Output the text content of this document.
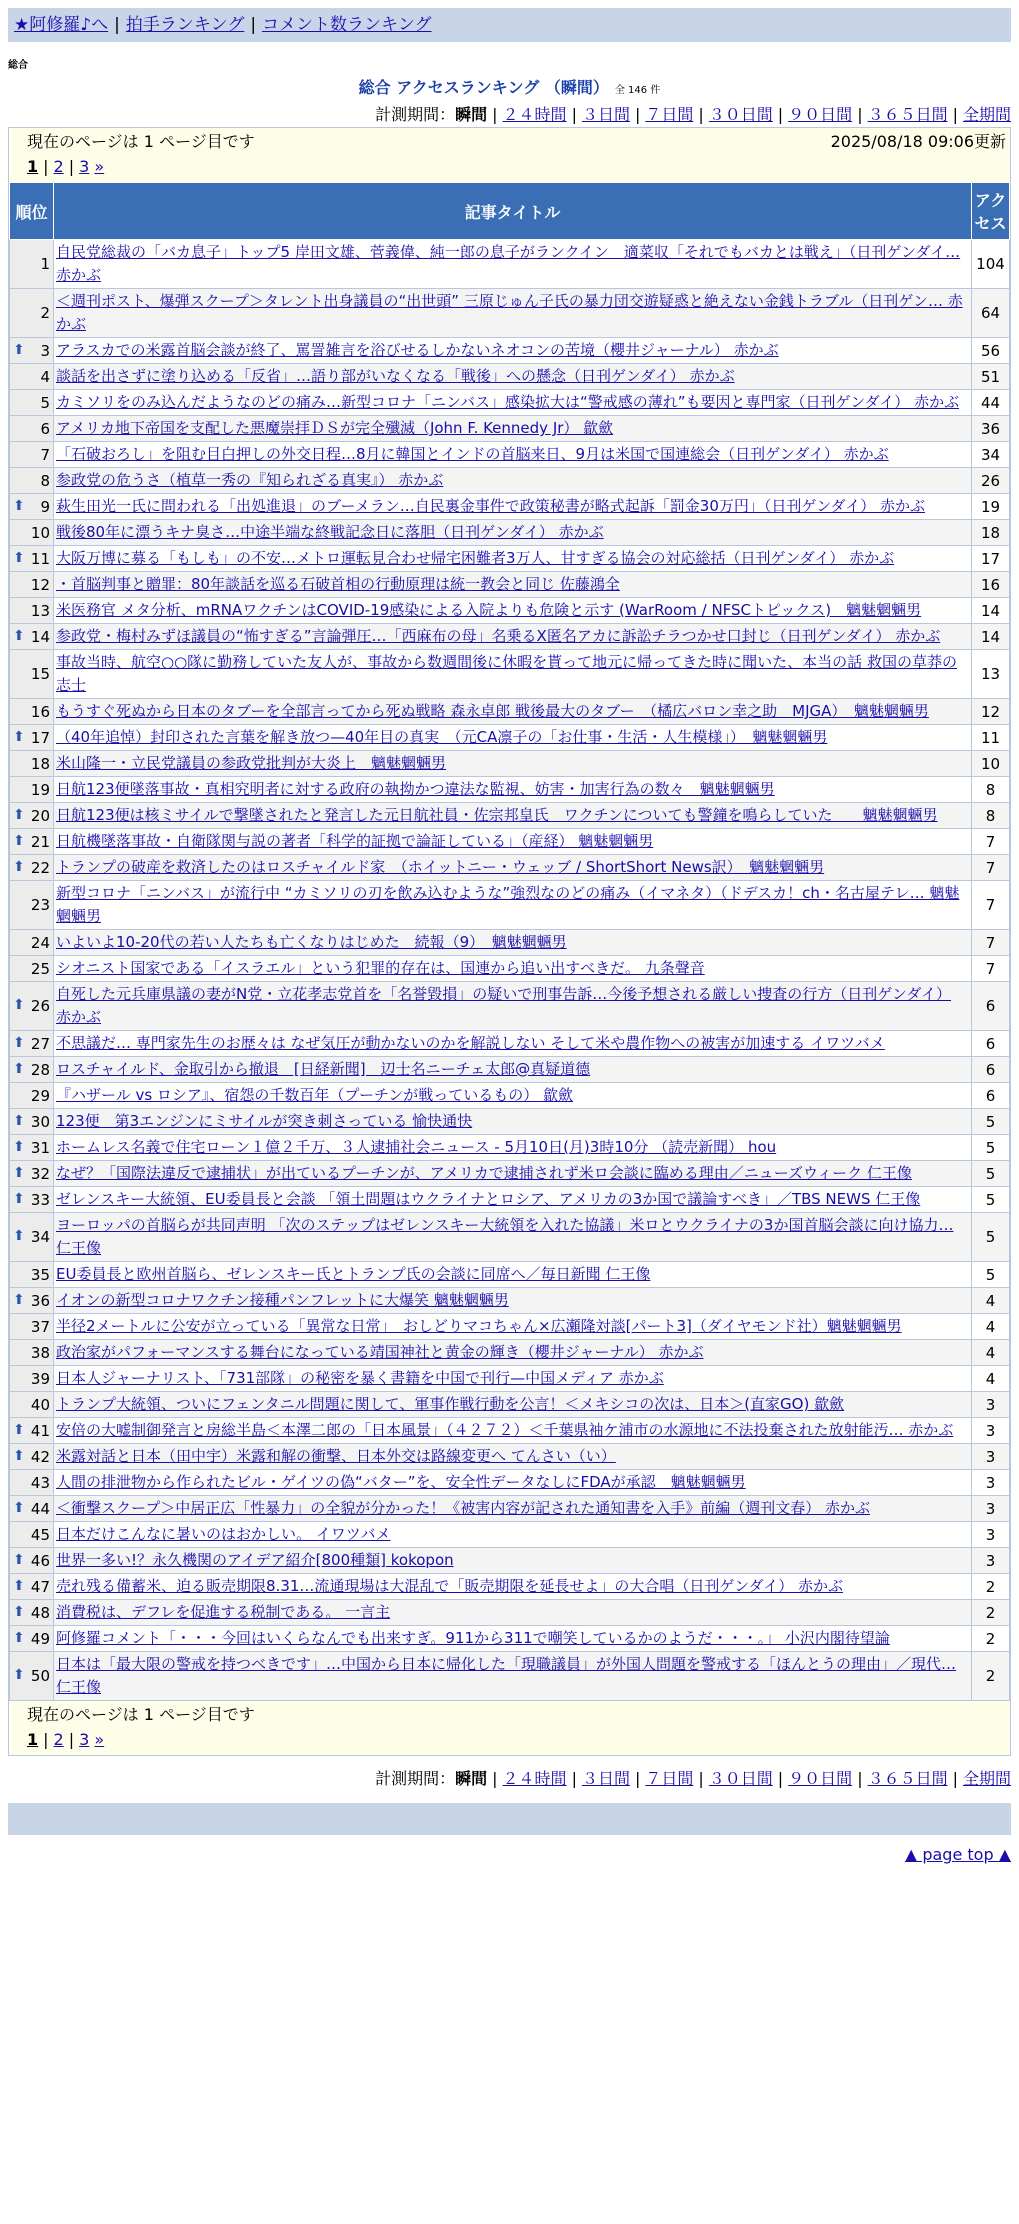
★阿修羅♪へ | 拍手ランキング | コメント数ランキング
総合
総合 アクセスランキング （瞬間） 全 146 件
計測期間：瞬間 | ２４時間 | ３日間 | ７日間 | ３０日間 | ９０日間 | ３６５日間 | 全期間
現在のページは 1 ページ目です	2025/08/18 09:06更新
1 | 2 | 3 »
順位	記事タイトル	アクセス
1	自民党総裁の「バカ息子」トップ5 岸田文雄、菅義偉、純一郎の息子がランクイン　適菜収「それでもバカとは戦え」（日刊ゲンダイ… 赤かぶ	104
2	＜週刊ポスト、爆弾スクープ＞タレント出身議員の“出世頭” 三原じゅん子氏の暴力団交遊疑惑と絶えない金銭トラブル（日刊ゲン… 赤かぶ	64

⬆ 3	アラスカでの米露首脳会談が終了、罵詈雑言を浴びせるしかないネオコンの苦境（櫻井ジャーナル） 赤かぶ	56
4	談話を出さずに塗り込める「反省」…語り部がいなくなる「戦後」への懸念（日刊ゲンダイ） 赤かぶ	51
5	カミソリをのみ込んだようなのどの痛み…新型コロナ「ニンバス」感染拡大は“警戒感の薄れ”も要因と専門家（日刊ゲンダイ） 赤かぶ	44
6	アメリカ地下帝国を支配した悪魔崇拝ＤＳが完全殲滅（John F. Kennedy Jr） 歙歛	36
7	「石破おろし」を阻む目白押しの外交日程…8月に韓国とインドの首脳来日、9月は米国で国連総会（日刊ゲンダイ） 赤かぶ	34
8	参政党の危うさ（植草一秀の『知られざる真実』） 赤かぶ	26

⬆ 9	萩生田光一氏に問われる「出処進退」のブーメラン…自民裏金事件で政策秘書が略式起訴「罰金30万円」（日刊ゲンダイ） 赤かぶ	19
10	戦後80年に漂うキナ臭さ…中途半端な終戦記念日に落胆（日刊ゲンダイ） 赤かぶ	18

⬆ 11	大阪万博に募る「もしも」の不安…メトロ運転見合わせ帰宅困難者3万人、甘すぎる協会の対応総括（日刊ゲンダイ） 赤かぶ	17
12	・首脳判事と贈罪：80年談話を巡る石破首相の行動原理は統一教会と同じ 佐藤鴻全	16
13	米医務官 メタ分析、mRNAワクチンはCOVID-19感染による入院よりも危険と示す (WarRoom / NFSCトピックス)　魑魅魍魎男	14

⬆ 14	参政党・梅村みずほ議員の“怖すぎる”言論弾圧…「西麻布の母」名乗るX匿名アカに訴訟チラつかせ口封じ（日刊ゲンダイ） 赤かぶ	14
15	事故当時、航空○○隊に勤務していた友人が、事故から数週間後に休暇を貰って地元に帰ってきた時に聞いた、本当の話 救国の草莽の志士	13
16	もうすぐ死ぬから日本のタブーを全部言ってから死ぬ戦略 森永卓郎 戦後最大のタブー　（橘広バロン幸之助　MJGA）　魑魅魍魎男	12

⬆ 17	（40年追悼）封印された言葉を解き放つ—40年目の真実　（元CA凛子の「お仕事・生活・人生模様」）　魑魅魍魎男	11
18	米山隆一・立民党議員の参政党批判が大炎上　魑魅魍魎男	10
19	日航123便墜落事故・真相究明者に対する政府の執拗かつ違法な監視、妨害・加害行為の数々　魑魅魍魎男	8

⬆ 20	日航123便は核ミサイルで撃墜されたと発言した元日航社員・佐宗邦皇氏　ワクチンについても警鐘を鳴らしていた　　魑魅魍魎男	8

⬆ 21	日航機墜落事故・自衛隊関与説の著者「科学的証拠で論証している」（産経） 魑魅魍魎男	7

⬆ 22	トランプの破産を救済したのはロスチャイルド家　（ホイットニー・ウェッブ / ShortShort News訳）　魑魅魍魎男	7
23	新型コロナ「ニンバス」が流行中 “カミソリの刃を飲み込むような”強烈なのどの痛み（イマネタ）（ドデスカ！ch・名古屋テレ… 魑魅魍魎男	7
24	いよいよ10-20代の若い人たちも亡くなりはじめた　続報（9）　魑魅魍魎男	7
25	シオニスト国家である「イスラエル」という犯罪的存在は、国連から追い出すべきだ。 九条聲音	7

⬆ 26	自死した元兵庫県議の妻がN党・立花孝志党首を「名誉毀損」の疑いで刑事告訴…今後予想される厳しい捜査の行方（日刊ゲンダイ） 赤かぶ	6

⬆ 27	不思議だ… 専門家先生のお歴々は なぜ気圧が動かないのかを解説しない そして米や農作物への被害が加速する イワツバメ	6

⬆ 28	ロスチャイルド、金取引から撤退　[日経新聞]　辺士名ニーチェ太郎@真疑道德	6
29	『ハザール vs ロシア』、宿怨の千数百年（プーチンが戦っているもの） 歙歛	6

⬆ 30	123便　第3エンジンにミサイルが突き刺さっている 愉快通快	5

⬆ 31	ホームレス名義で住宅ローン１億２千万、３人逮捕社会ニュース - 5月10日(月)3時10分 （読売新聞） hou	5

⬆ 32	なぜ？「国際法違反で逮捕状」が出ているプーチンが、アメリカで逮捕されず米ロ会談に臨める理由／ニューズウィーク 仁王像	5

⬆ 33	ゼレンスキー大統領、EU委員長と会談 「領土問題はウクライナとロシア、アメリカの3か国で議論すべき」／TBS NEWS 仁王像	5

⬆ 34	ヨーロッパの首脳らが共同声明 「次のステップはゼレンスキー大統領を入れた協議」米ロとウクライナの3か国首脳会談に向け協力… 仁王像	5
35	EU委員長と欧州首脳ら、ゼレンスキー氏とトランプ氏の会談に同席へ／毎日新聞 仁王像	5

⬆ 36	イオンの新型コロナワクチン接種パンフレットに大爆笑 魑魅魍魎男	4
37	半径2メートルに公安が立っている「異常な日常」　おしどりマコちゃん×広瀬隆対談[パート3]（ダイヤモンド社）魑魅魍魎男	4
38	政治家がパフォーマンスする舞台になっている靖国神社と黄金の輝き（櫻井ジャーナル） 赤かぶ	4
39	日本人ジャーナリスト、「731部隊」の秘密を暴く書籍を中国で刊行—中国メディア 赤かぶ	4
40	トランプ大統領、ついにフェンタニル問題に関して、軍事作戦行動を公言！＜メキシコの次は、日本＞(直家GO) 歙歛	3

⬆ 41	安倍の大嘘制御発言と房総半島＜本澤二郎の「日本風景」（４２７２）＜千葉県袖ケ浦市の水源地に不法投棄された放射能汚… 赤かぶ	3

⬆ 42	米露対話と日本（田中宇）米露和解の衝撃、日本外交は路線変更へ てんさい（い）	3
43	人間の排泄物から作られたビル・ゲイツの偽“バター”を、安全性データなしにFDAが承認　魑魅魍魎男	3

⬆ 44	＜衝撃スクープ＞中居正広「性暴力」の全貌が分かった！《被害内容が記された通知書を入手》前編（週刊文春） 赤かぶ	3
45	日本だけこんなに暑いのはおかしい。 イワツバメ	3

⬆ 46	世界一多い!？永久機関のアイデア紹介[800種類] kokopon	3

⬆ 47	売れ残る備蓄米、迫る販売期限8.31…流通現場は大混乱で「販売期限を延長せよ」の大合唱（日刊ゲンダイ） 赤かぶ	2

⬆ 48	消費税は、デフレを促進する税制である。 一言主	2

⬆ 49	阿修羅コメント「・・・今回はいくらなんでも出来すぎ。911から311で嘲笑しているかのようだ・・・。」 小沢内閣待望論	2

⬆ 50	日本は「最大限の警戒を持つべきです」…中国から日本に帰化した「現職議員」が外国人問題を警戒する「ほんとうの理由」／現代… 仁王像	2
現在のページは 1 ページ目です
1 | 2 | 3 »
計測期間：瞬間 | ２４時間 | ３日間 | ７日間 | ３０日間 | ９０日間 | ３６５日間 | 全期間
▲ page top ▲
